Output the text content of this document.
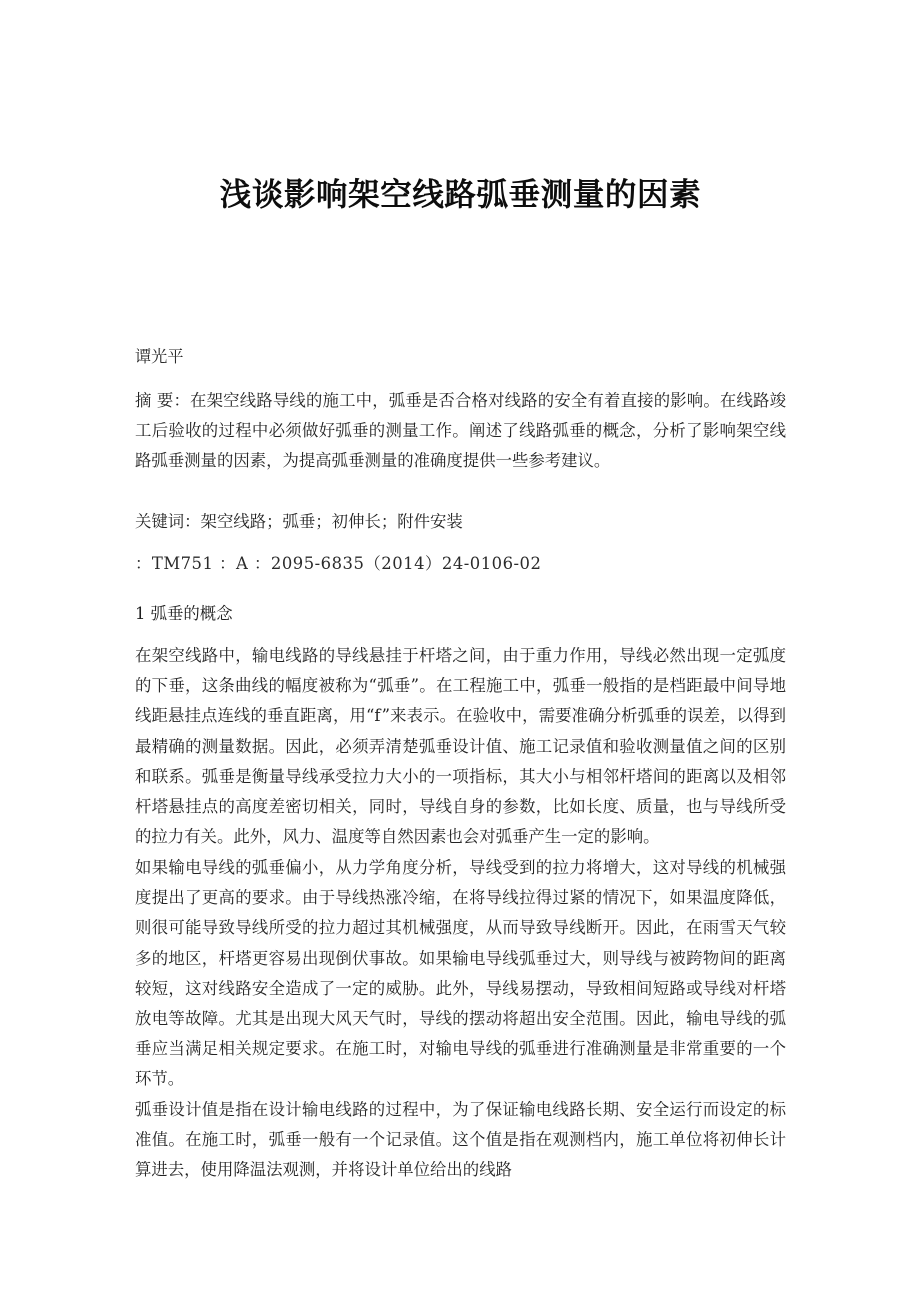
浅谈影响架空线路弧垂测量的因素
谭光平
摘 要：在架空线路导线的施工中，弧垂是否合格对线路的安全有着直接的影响。在线路竣工后验收的过程中必须做好弧垂的测量工作。阐述了线路弧垂的概念，分析了影响架空线路弧垂测量的因素，为提高弧垂测量的准确度提供一些参考建议。
关键词：架空线路；弧垂；初伸长；附件安装
：TM751 ：A ：2095-6835（2014）24-0106-02
1 弧垂的概念
在架空线路中，输电线路的导线悬挂于杆塔之间，由于重力作用，导线必然出现一定弧度的下垂，这条曲线的幅度被称为“弧垂”。在工程施工中，弧垂一般指的是档距最中间导地线距悬挂点连线的垂直距离，用“f”来表示。在验收中，需要准确分析弧垂的误差，以得到最精确的测量数据。因此，必须弄清楚弧垂设计值、施工记录值和验收测量值之间的区别和联系。弧垂是衡量导线承受拉力大小的一项指标，其大小与相邻杆塔间的距离以及相邻杆塔悬挂点的高度差密切相关，同时，导线自身的参数，比如长度、质量，也与导线所受的拉力有关。此外，风力、温度等自然因素也会对弧垂产生一定的影响。
如果输电导线的弧垂偏小，从力学角度分析，导线受到的拉力将增大，这对导线的机械强度提出了更高的要求。由于导线热涨冷缩，在将导线拉得过紧的情况下，如果温度降低，则很可能导致导线所受的拉力超过其机械强度，从而导致导线断开。因此，在雨雪天气较多的地区，杆塔更容易出现倒伏事故。如果输电导线弧垂过大，则导线与被跨物间的距离较短，这对线路安全造成了一定的威胁。此外，导线易摆动，导致相间短路或导线对杆塔放电等故障。尤其是出现大风天气时，导线的摆动将超出安全范围。因此，输电导线的弧垂应当满足相关规定要求。在施工时，对输电导线的弧垂进行准确测量是非常重要的一个环节。
弧垂设计值是指在设计输电线路的过程中，为了保证输电线路长期、安全运行而设定的标准值。在施工时，弧垂一般有一个记录值。这个值是指在观测档内，施工单位将初伸长计算进去，使用降温法观测，并将设计单位给出的线路
